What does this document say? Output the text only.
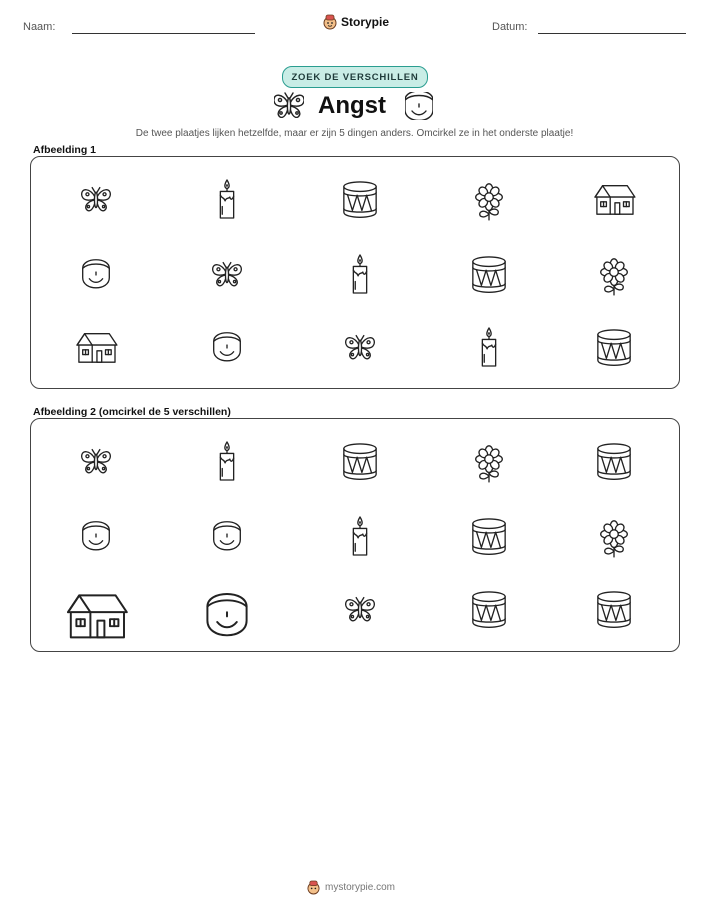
Naam:	Storypie	Datum:
ZOEK DE VERSCHILLEN
Angst
De twee plaatjes lijken hetzelfde, maar er zijn 5 dingen anders. Omcirkel ze in het onderste plaatje!
Afbeelding 1
Afbeelding 2 (omcirkel de 5 verschillen)
mystorypie.com
